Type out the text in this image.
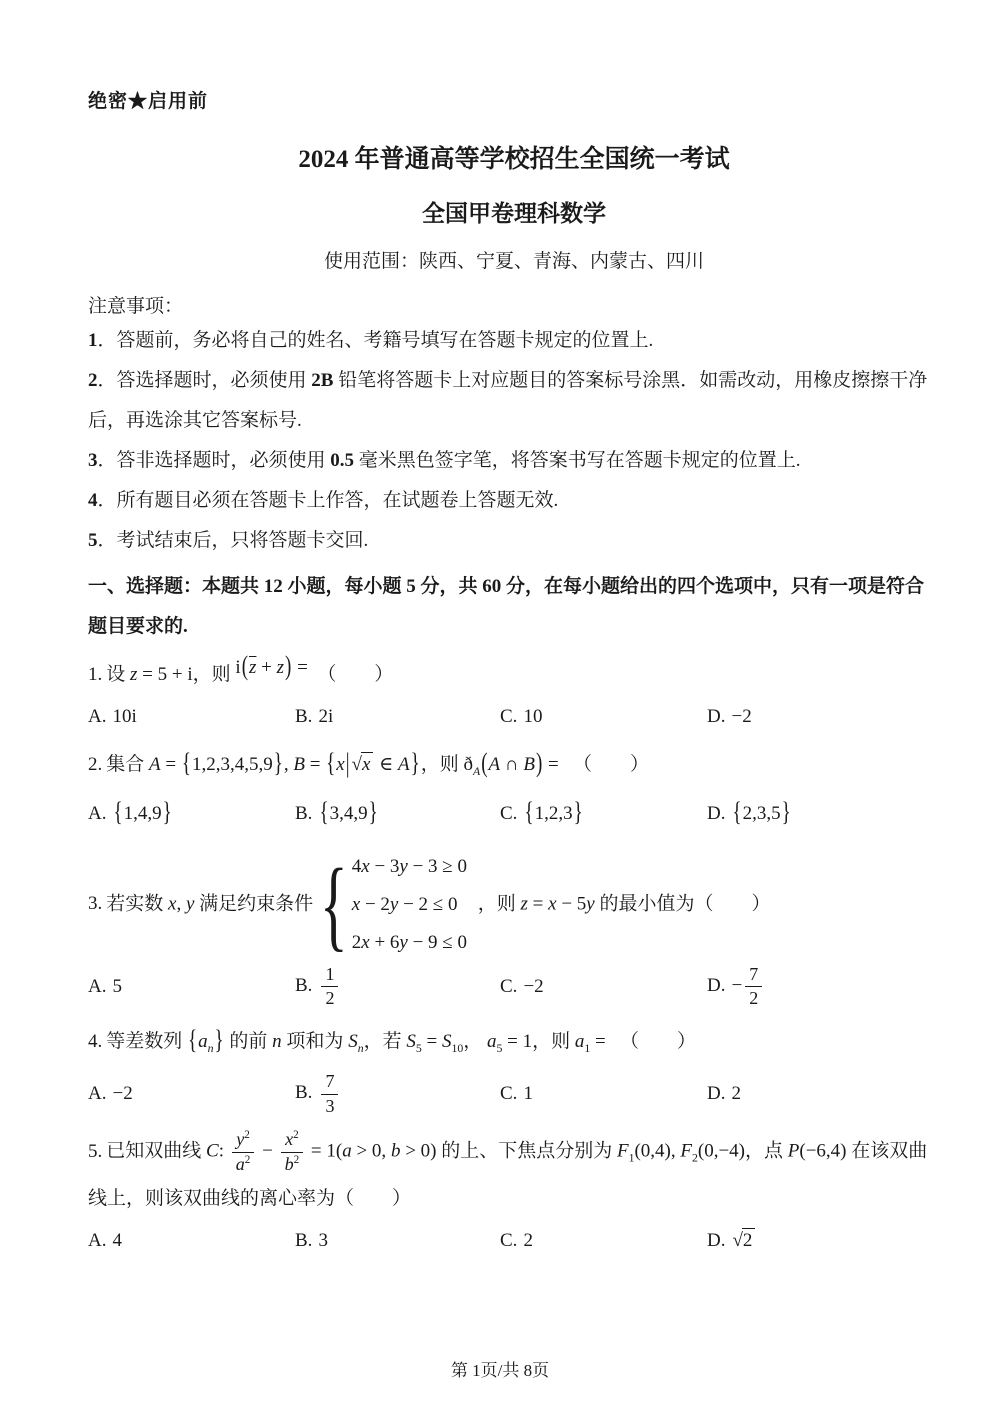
绝密★启用前
2024 年普通高等学校招生全国统一考试
全国甲卷理科数学
使用范围：陕西、宁夏、青海、内蒙古、四川
注意事项：
1．答题前，务必将自己的姓名、考籍号填写在答题卡规定的位置上.
2．答选择题时，必须使用 2B 铅笔将答题卡上对应题目的答案标号涂黑．如需改动，用橡皮擦擦干净后，再选涂其它答案标号.
3．答非选择题时，必须使用 0.5 毫米黑色签字笔，将答案书写在答题卡规定的位置上.
4．所有题目必须在答题卡上作答，在试题卷上答题无效.
5．考试结束后，只将答题卡交回.
一、选择题：本题共 12 小题，每小题 5 分，共 60 分，在每小题给出的四个选项中，只有一项是符合题目要求的.
1. 设 z = 5 + i，则 $i(\overline{z} + z)$ =　（　　）
A. 10i	B. 2i	C. 10	D. −2
2. 集合 A = {1,2,3,4,5,9}, B = {x| √x ∈ A}，则 $ð_A(A$ ∩ B) = 　（　　）
A. {1,4,9}	B. {3,4,9}	C. {1,2,3}	D. {2,3,5}
3. 若实数 x, y 满足约束条件 { 4x − 3y − 3 ≥ 0
x − 2y − 2 ≤ 0
2x + 6y − 9 ≤ 0
，则 z = x − 5y 的最小值为（　　）
A. 5	B. $\frac{1}{2}$	C. −2	D. − $\frac{7}{2}$
4. 等差数列 $\{a_n\}$ 的前 n 项和为 $S_n$，若 $S_5 = S_{10}$， $a_5 = 1$，则 $a_1$ = 　（　　）
A. −2	B. $\frac{7}{3}$	C. 1	D. 2
5. 已知双曲线 C: $\frac{y^2}{a^2} - \frac{x^2}{b^2} = 1(a > 0$, b > 0) 的上、下焦点分别为 $F_1(0,4)$, $F_2(0,-4)$，点 P(−6,4) 在该双曲线上，则该双曲线的离心率为（　　）
A. 4	B. 3	C. 2	D. √2
第 1页/共 8页
